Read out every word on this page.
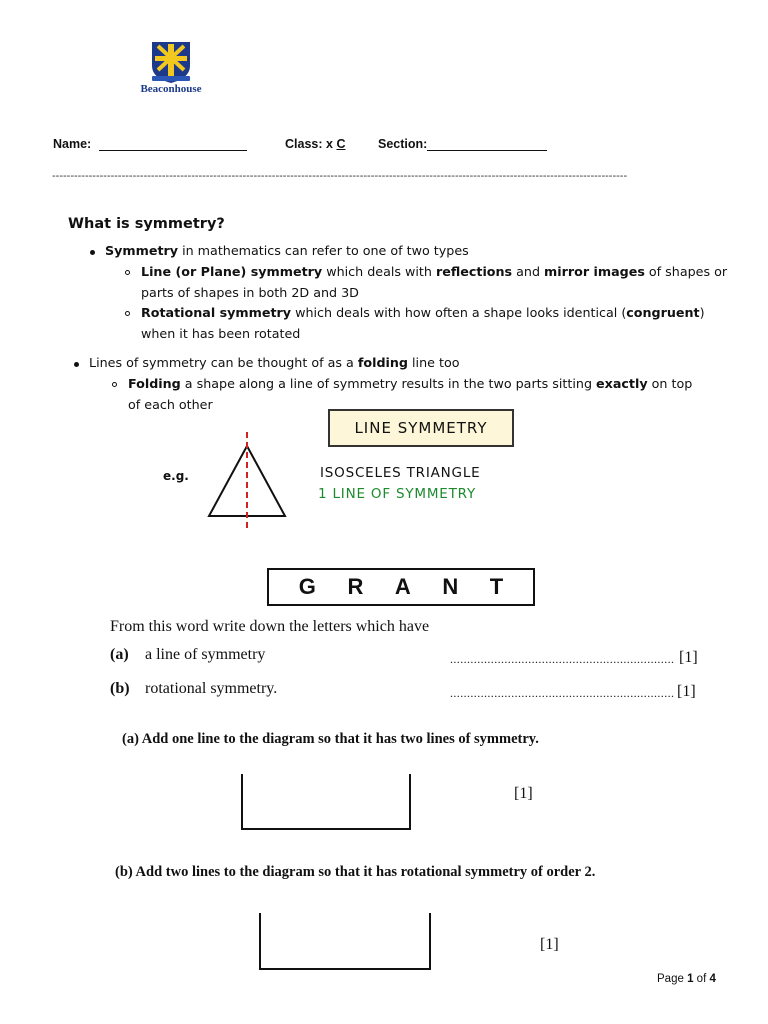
Beaconhouse
Name:	Class: x C	Section:
-------------------------------------------------------------------------------------------------------------------------------------------------------------
What is symmetry?
Symmetry in mathematics can refer to one of two types
Line (or Plane) symmetry which deals with reflections and mirror images of shapes or
parts of shapes in both 2D and 3D
Rotational symmetry which deals with how often a shape looks identical (congruent)
when it has been rotated
Lines of symmetry can be thought of as a folding line too
Folding a shape along a line of symmetry results in the two parts sitting exactly on top
of each other
LINE SYMMETRY
e.g.	ISOSCELES TRIANGLE
1 LINE OF SYMMETRY
G R A N T
From this word write down the letters which have
(a) a line of symmetry	.................................................................. [1]
(b) rotational symmetry.	.................................................................. [1]
(a) Add one line to the diagram so that it has two lines of symmetry.
[1]
(b) Add two lines to the diagram so that it has rotational symmetry of order 2.
[1]
Page 1 of 4
